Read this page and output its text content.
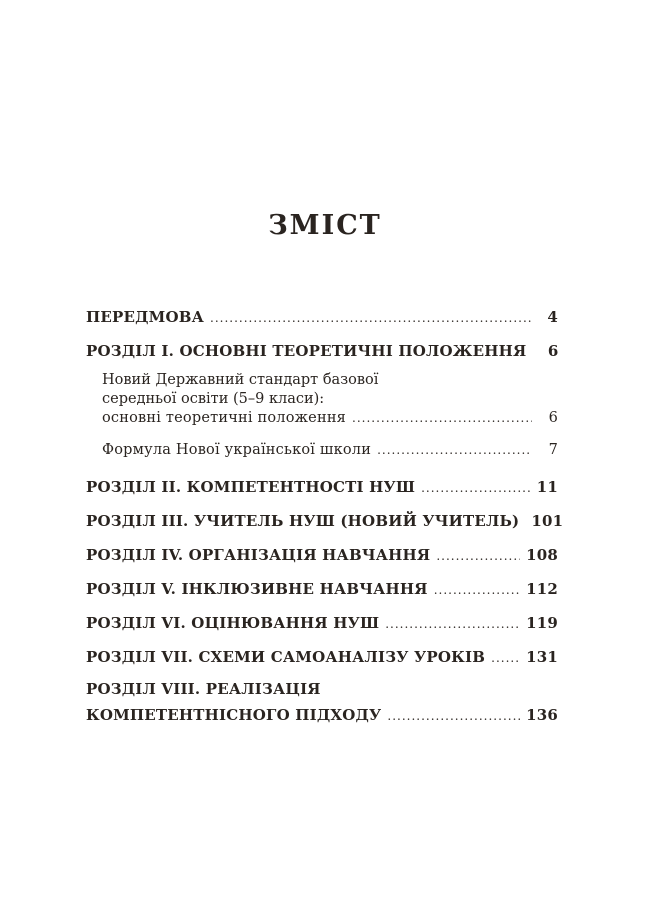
ЗМІСТ
ПЕРЕДМОВА .....	4
РОЗДІЛ І. ОСНОВНІ ТЕОРЕТИЧНІ ПОЛОЖЕННЯ	6
Новий Державний стандарт базової
середньої освіти (5–9 класи):
основні теоретичні положення .....	6
Формула Нової української школи .....	7
РОЗДІЛ ІІ. КОМПЕТЕНТНОСТІ НУШ .....	11
РОЗДІЛ ІІІ. УЧИТЕЛЬ НУШ (НОВИЙ УЧИТЕЛЬ) 101
РОЗДІЛ IV. ОРГАНІЗАЦІЯ НАВЧАННЯ .....	108
РОЗДІЛ V. ІНКЛЮЗИВНЕ НАВЧАННЯ .....	112
РОЗДІЛ VI. ОЦІНЮВАННЯ НУШ .....	119
РОЗДІЛ VII. СХЕМИ САМОАНАЛІЗУ УРОКІВ .....	131
РОЗДІЛ VIII. РЕАЛІЗАЦІЯ
КОМПЕТЕНТНІСНОГО ПІДХОДУ .....	136
